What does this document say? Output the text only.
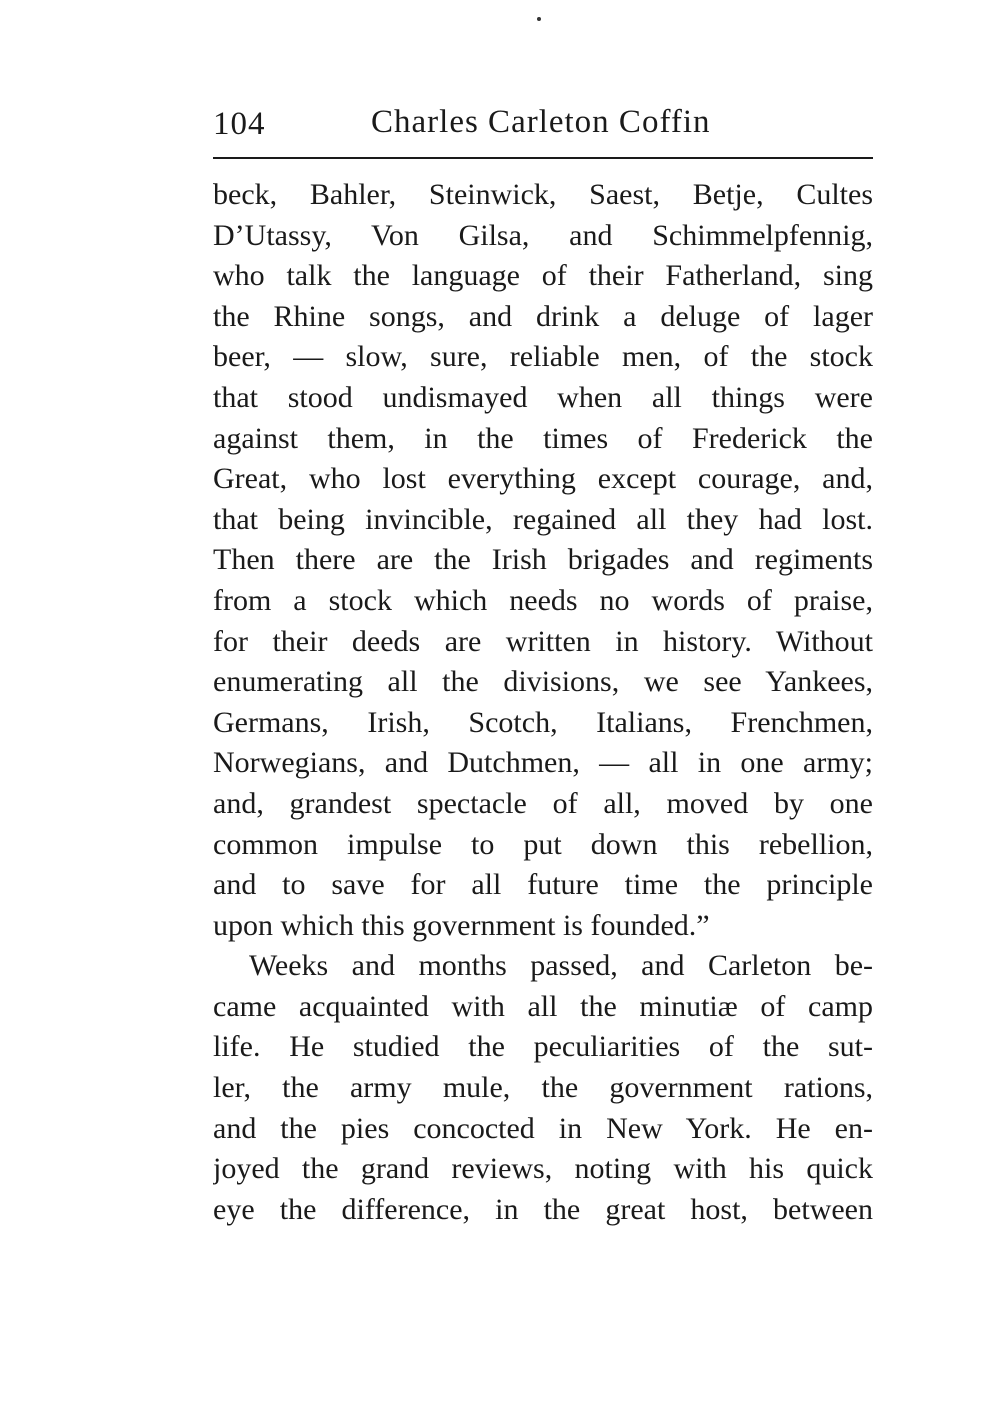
104	Charles Carleton Coffin
beck, Bahler, Steinwick, Saest, Betje, Cultes
D’Utassy, Von Gilsa, and Schimmelpfennig,
who talk the language of their Fatherland, sing
the Rhine songs, and drink a deluge of lager
beer, — slow, sure, reliable men, of the stock
that stood undismayed when all things were
against them, in the times of Frederick the
Great, who lost everything except courage, and,
that being invincible, regained all they had lost.
Then there are the Irish brigades and regiments
from a stock which needs no words of praise,
for their deeds are written in history. Without
enumerating all the divisions, we see Yankees,
Germans, Irish, Scotch, Italians, Frenchmen,
Norwegians, and Dutchmen, — all in one army;
and, grandest spectacle of all, moved by one
common impulse to put down this rebellion,
and to save for all future time the principle
upon which this government is founded.”
Weeks and months passed, and Carleton be-
came acquainted with all the minutiæ of camp
life. He studied the peculiarities of the sut-
ler, the army mule, the government rations,
and the pies concocted in New York. He en-
joyed the grand reviews, noting with his quick
eye the difference, in the great host, between
